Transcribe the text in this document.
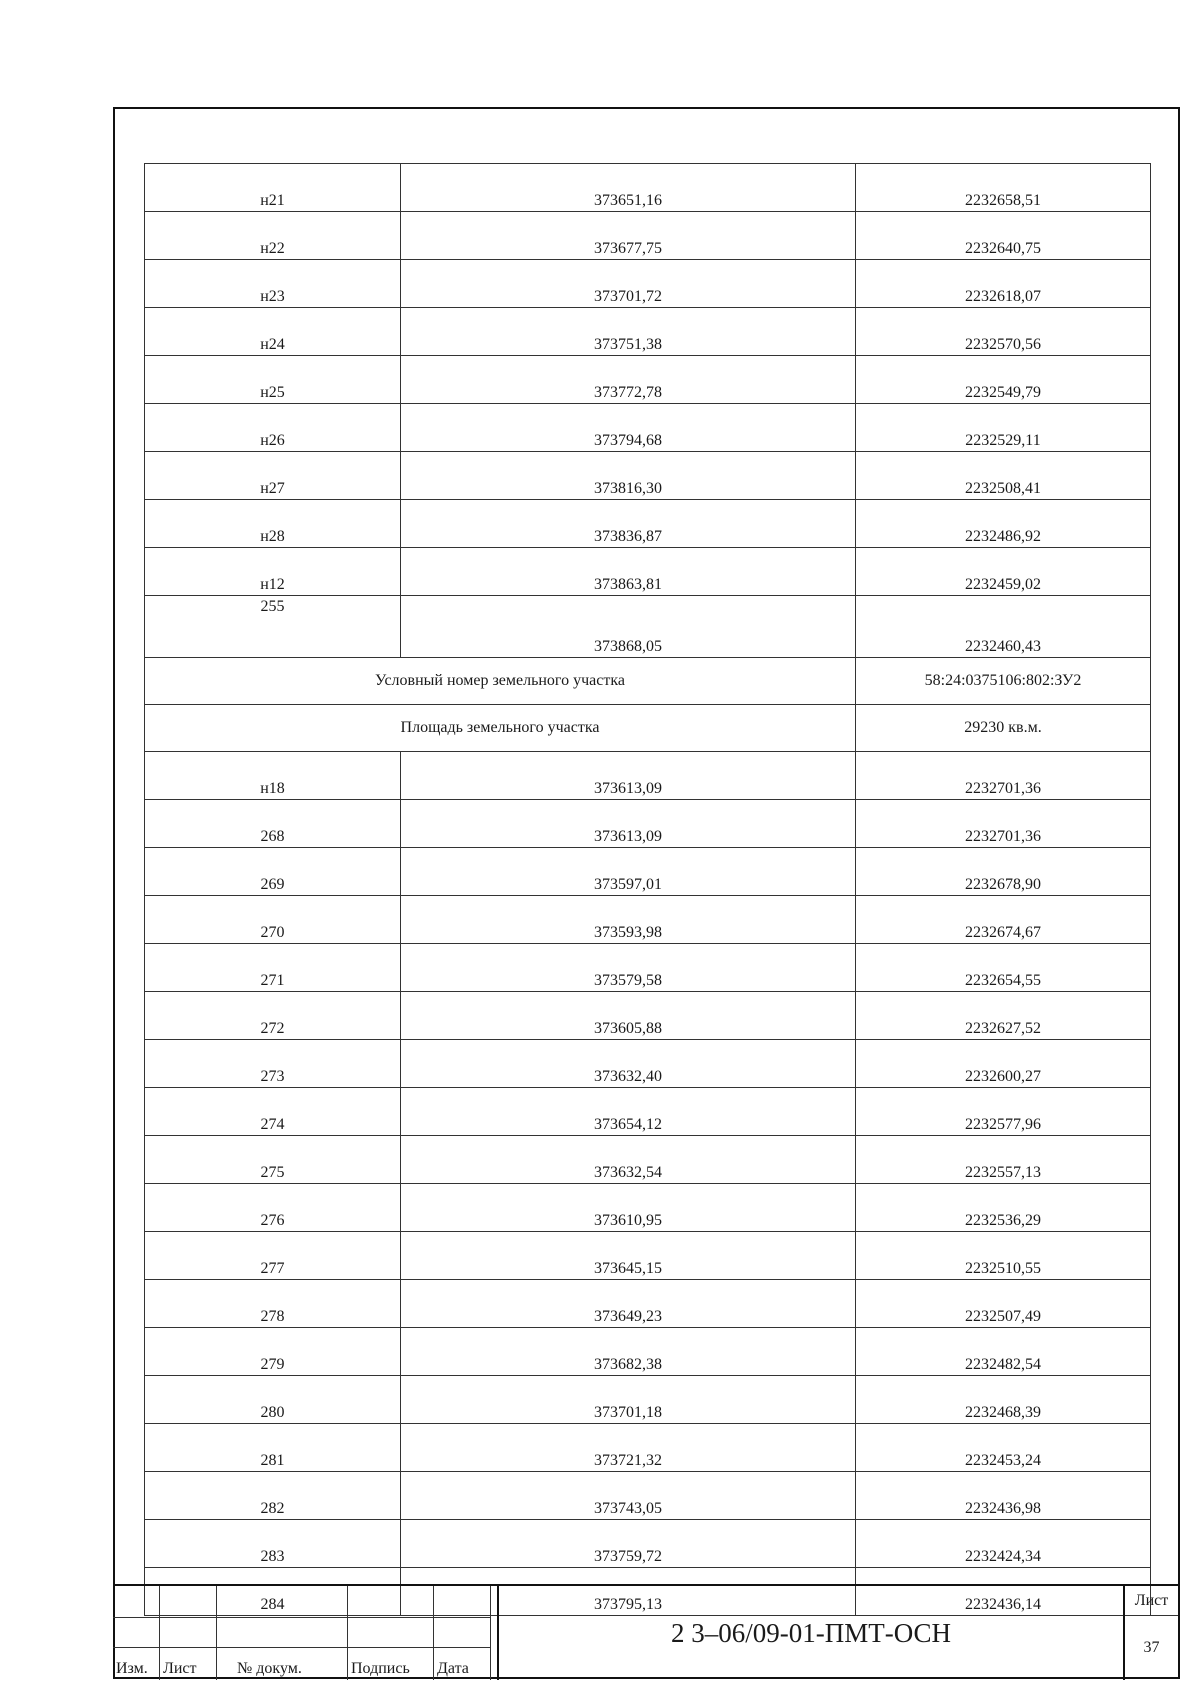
н21	373651,16	2232658,51
н22	373677,75	2232640,75
н23	373701,72	2232618,07
н24	373751,38	2232570,56
н25	373772,78	2232549,79
н26	373794,68	2232529,11
н27	373816,30	2232508,41
н28	373836,87	2232486,92
н12	373863,81	2232459,02

255	373868,05	2232460,43

Условный номер земельного участка		58:24:0375106:802:ЗУ2
Площадь земельного участка		29230 кв.м.
н18	373613,09	2232701,36
268	373613,09	2232701,36
269	373597,01	2232678,90
270	373593,98	2232674,67
271	373579,58	2232654,55
272	373605,88	2232627,52
273	373632,40	2232600,27
274	373654,12	2232577,96
275	373632,54	2232557,13
276	373610,95	2232536,29
277	373645,15	2232510,55
278	373649,23	2232507,49
279	373682,38	2232482,54
280	373701,18	2232468,39
281	373721,32	2232453,24
282	373743,05	2232436,98
283	373759,72	2232424,34
284	373795,13	2232436,14
Изм. Лист	№ докум.	Подпись Дата
2 3–06/09-01-ПМТ-ОСН
Лист
37
